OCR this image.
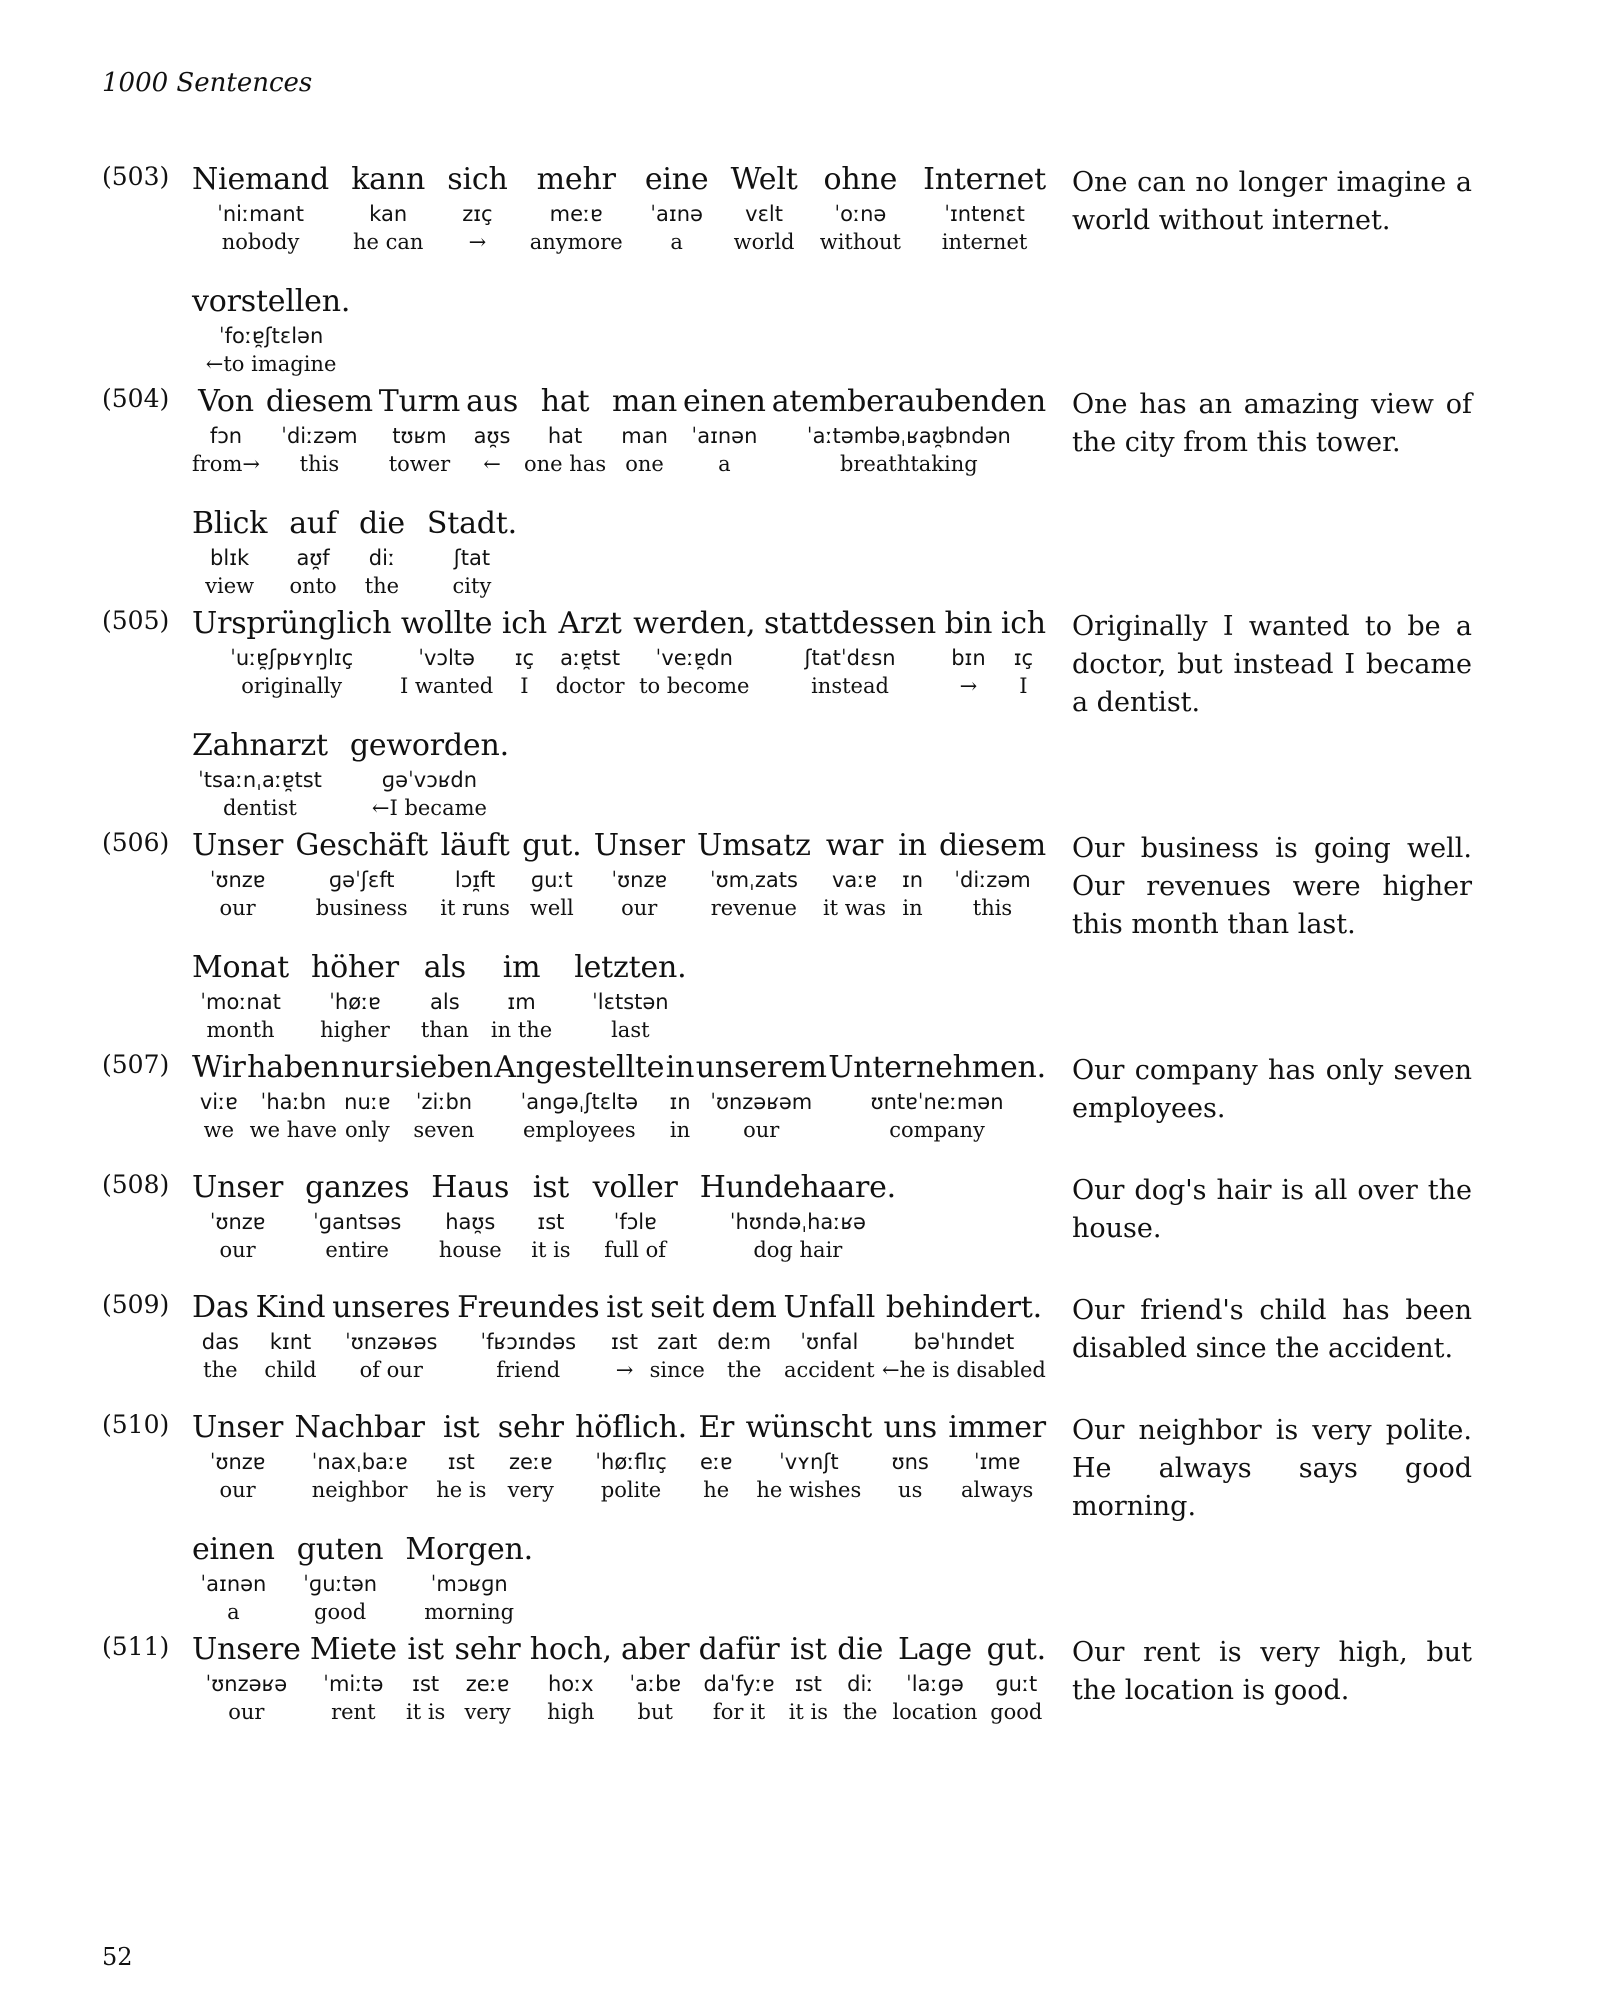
1000 Sentences
(503) Niemand
ˈniːmant
nobody
kann
kan
he can
sich
zɪç
→
mehr
meːɐ
anymore
eine
ˈaɪnə
a
Welt
vɛlt
world
ohne
ˈoːnə
without
Internet
ˈɪntɐnɛt
internet
vorstellen.
ˈfoːɐ̯ʃtɛlən
←to imagine
One can no longer imagine a world without internet.
(504) Von
fɔn
from→
diesem
ˈdiːzəm
this
Turm
tʊʁm
tower
aus
aʊ̯s
←
hat
hat
one has
man
man
one
einen
ˈaɪnən
a
atemberaubenden
ˈaːtəmbəˌʁaʊ̯bndən
breathtaking
Blick
blɪk
view
auf
aʊ̯f
onto
die
diː
the
Stadt.
ʃtat
city
One has an amazing view of the city from this tower.
(505) Ursprünglich
ˈuːɐ̯ʃpʁʏŋlɪç
originally
wollte
ˈvɔltə
I wanted
ich
ɪç
I
Arzt
aːɐ̯tst
doctor
werden,
ˈveːɐ̯dn
to become
stattdessen
ʃtatˈdɛsn
instead
bin
bɪn
→
ich
ɪç
I
Zahnarzt
ˈtsaːnˌaːɐ̯tst
dentist
geworden.
ɡəˈvɔʁdn
←I became
Originally I wanted to be a doctor, but instead I became a dentist.
(506) Unser
ˈʊnzɐ
our
Geschäft
ɡəˈʃɛft
business
läuft
lɔɪ̯ft
it runs
gut.
ɡuːt
well
Unser
ˈʊnzɐ
our
Umsatz
ˈʊmˌzats
revenue
war
vaːɐ
it was
in
ɪn
in
diesem
ˈdiːzəm
this
Monat
ˈmoːnat
month
höher
ˈhøːɐ
higher
als
als
than
im
ɪm
in the
letzten.
ˈlɛtstən
last
Our business is going well. Our revenues were higher this month than last.
(507) Wir
viːɐ
we
haben
ˈhaːbn
we have
nur
nuːɐ
only
sieben
ˈziːbn
seven
Angestellte
ˈanɡəˌʃtɛltə
employees
in
ɪn
in
unserem
ˈʊnzəʁəm
our
Unternehmen.
ʊntɐˈneːmən
company
Our company has only seven employees.
(508) Unser
ˈʊnzɐ
our
ganzes
ˈɡantsəs
entire
Haus
haʊ̯s
house
ist
ɪst
it is
voller
ˈfɔlɐ
full of
Hundehaare.
ˈhʊndəˌhaːʁə
dog hair
Our dog's hair is all over the house.
(509) Das
das
the
Kind
kɪnt
child
unseres
ˈʊnzəʁəs
of our
Freundes
ˈfʁɔɪndəs
friend
ist
ɪst
→
seit
zaɪt
since
dem
deːm
the
Unfall
ˈʊnfal
accident
behindert.
bəˈhɪndɐt
←he is disabled
Our friend's child has been disabled since the accident.
(510) Unser
ˈʊnzɐ
our
Nachbar
ˈnaxˌbaːɐ
neighbor
ist
ɪst
he is
sehr
zeːɐ
very
höflich.
ˈhøːflɪç
polite
Er
eːɐ
he
wünscht
ˈvʏnʃt
he wishes
uns
ʊns
us
immer
ˈɪmɐ
always
einen
ˈaɪnən
a
guten
ˈɡuːtən
good
Morgen.
ˈmɔʁɡn
morning
Our neighbor is very polite. He always says good morning.
(511) Unsere
ˈʊnzəʁə
our
Miete
ˈmiːtə
rent
ist
ɪst
it is
sehr
zeːɐ
very
hoch,
hoːx
high
aber
ˈaːbɐ
but
dafür
daˈfyːɐ
for it
ist
ɪst
it is
die
diː
the
Lage
ˈlaːɡə
location
gut.
ɡuːt
good
Our rent is very high, but the location is good.
52
